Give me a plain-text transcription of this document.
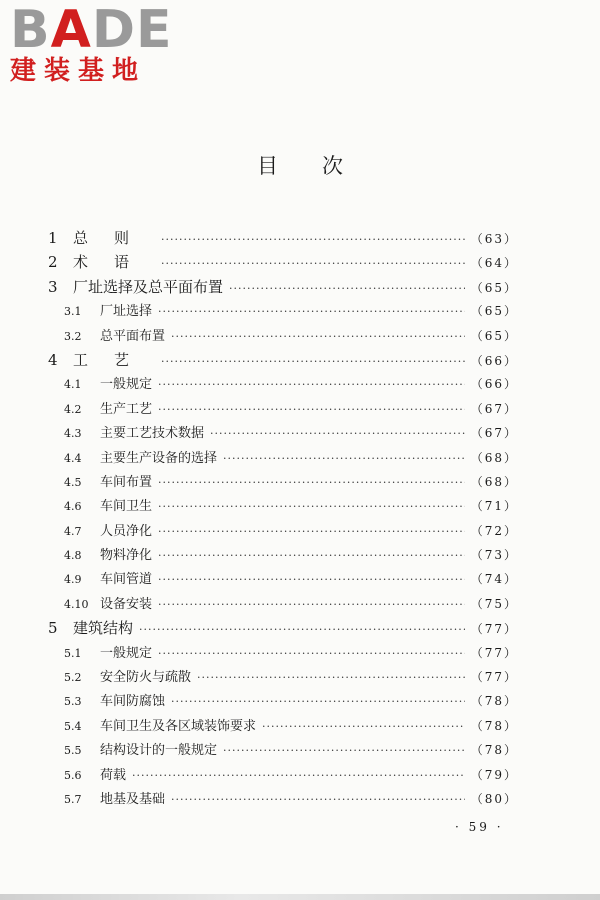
BADE
建装基地
目次
1	总则 ·····	（63）
2	术语 ·····	（64）
3	厂址选择及总平面布置 ·····	（65）
3.1	厂址选择 ·····	（65）
3.2	总平面布置 ·····	（65）
4	工艺 ·····	（66）
4.1	一般规定 ·····	（66）
4.2	生产工艺 ·····	（67）
4.3	主要工艺技术数据 ·····	（67）
4.4	主要生产设备的选择 ·····	（68）
4.5	车间布置 ·····	（68）
4.6	车间卫生 ·····	（71）
4.7	人员净化 ·····	（72）
4.8	物料净化 ·····	（73）
4.9	车间管道 ·····	（74）
4.10 设备安装 ·····	（75）
5	建筑结构 ·····	（77）
5.1	一般规定 ·····	（77）
5.2	安全防火与疏散 ·····	（77）
5.3	车间防腐蚀 ·····	（78）
5.4	车间卫生及各区域装饰要求 ·····	（78）
5.5	结构设计的一般规定 ·····	（78）
5.6	荷载 ·····	（79）
5.7	地基及基础 ·····	（80）
· 59 ·
